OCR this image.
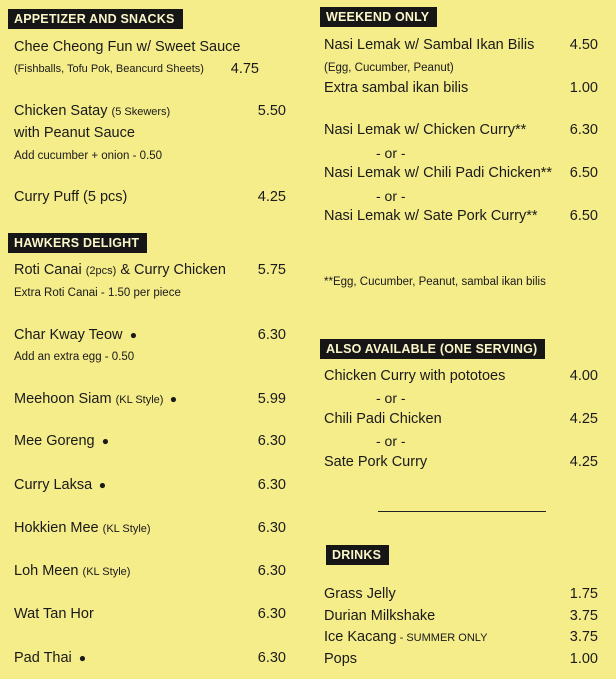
APPETIZER AND SNACKS
Chee Cheong Fun w/ Sweet Sauce
(Fishballs, Tofu Pok, Beancurd Sheets) 4.75
Chicken Satay (5 Skewers)	5.50
with Peanut Sauce
Add cucumber + onion - 0.50
Curry Puff (5 pcs)	4.25
HAWKERS DELIGHT
Roti Canai (2pcs) & Curry Chicken 5.75
Extra Roti Canai - 1.50 per piece
Char Kway Teow ●	6.30
Add an extra egg - 0.50
Meehoon Siam (KL Style) ●	5.99
Mee Goreng ●	6.30
Curry Laksa ●	6.30
Hokkien Mee (KL Style)	6.30
Loh Meen (KL Style)	6.30
Wat Tan Hor	6.30
Pad Thai ●	6.30
WEEKEND ONLY
Nasi Lemak w/ Sambal Ikan Bilis 4.50
(Egg, Cucumber, Peanut)
Extra sambal ikan bilis	1.00
Nasi Lemak w/ Chicken Curry**	6.30
- or -
Nasi Lemak w/ Chili Padi Chicken** 6.50
- or -
Nasi Lemak w/ Sate Pork Curry** 6.50
**Egg, Cucumber, Peanut, sambal ikan bilis
ALSO AVAILABLE (ONE SERVING)
Chicken Curry with pototoes	4.00
- or -
Chili Padi Chicken	4.25
- or -
Sate Pork Curry	4.25
DRINKS
Grass Jelly	1.75
Durian Milkshake	3.75
Ice Kacang - SUMMER ONLY	3.75
Pops	1.00
